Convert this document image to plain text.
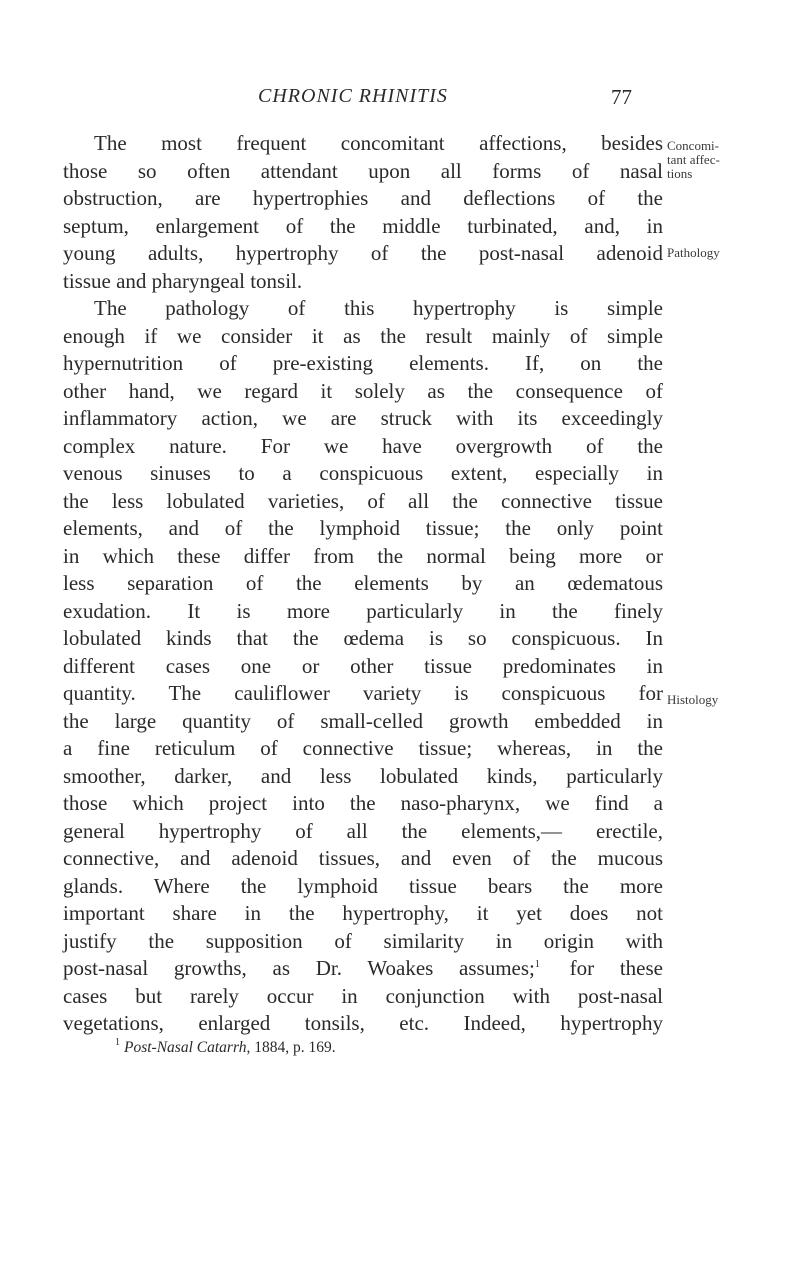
CHRONIC RHINITIS	77
Concomi-
tant affec-
tions
Pathology
Histology
The most frequent concomitant affections, besides
those so often attendant upon all forms of nasal
obstruction, are hypertrophies and deflections of the
septum, enlargement of the middle turbinated, and, in
young adults, hypertrophy of the post-nasal adenoid
tissue and pharyngeal tonsil.
The pathology of this hypertrophy is simple
enough if we consider it as the result mainly of simple
hypernutrition of pre-existing elements. If, on the
other hand, we regard it solely as the consequence of
inflammatory action, we are struck with its exceedingly
complex nature. For we have overgrowth of the
venous sinuses to a conspicuous extent, especially in
the less lobulated varieties, of all the connective tissue
elements, and of the lymphoid tissue; the only point
in which these differ from the normal being more or
less separation of the elements by an œdematous
exudation. It is more particularly in the finely
lobulated kinds that the œdema is so conspicuous. In
different cases one or other tissue predominates in
quantity. The cauliflower variety is conspicuous for
the large quantity of small-celled growth embedded in
a fine reticulum of connective tissue; whereas, in the
smoother, darker, and less lobulated kinds, particularly
those which project into the naso-pharynx, we find a
general hypertrophy of all the elements,— erectile,
connective, and adenoid tissues, and even of the mucous
glands. Where the lymphoid tissue bears the more
important share in the hypertrophy, it yet does not
justify the supposition of similarity in origin with
post-nasal growths, as Dr. Woakes assumes;$^1$ for these
cases but rarely occur in conjunction with post-nasal
vegetations, enlarged tonsils, etc. Indeed, hypertrophy
$^1$ Post-Nasal Catarrh, 1884, p. 169.
